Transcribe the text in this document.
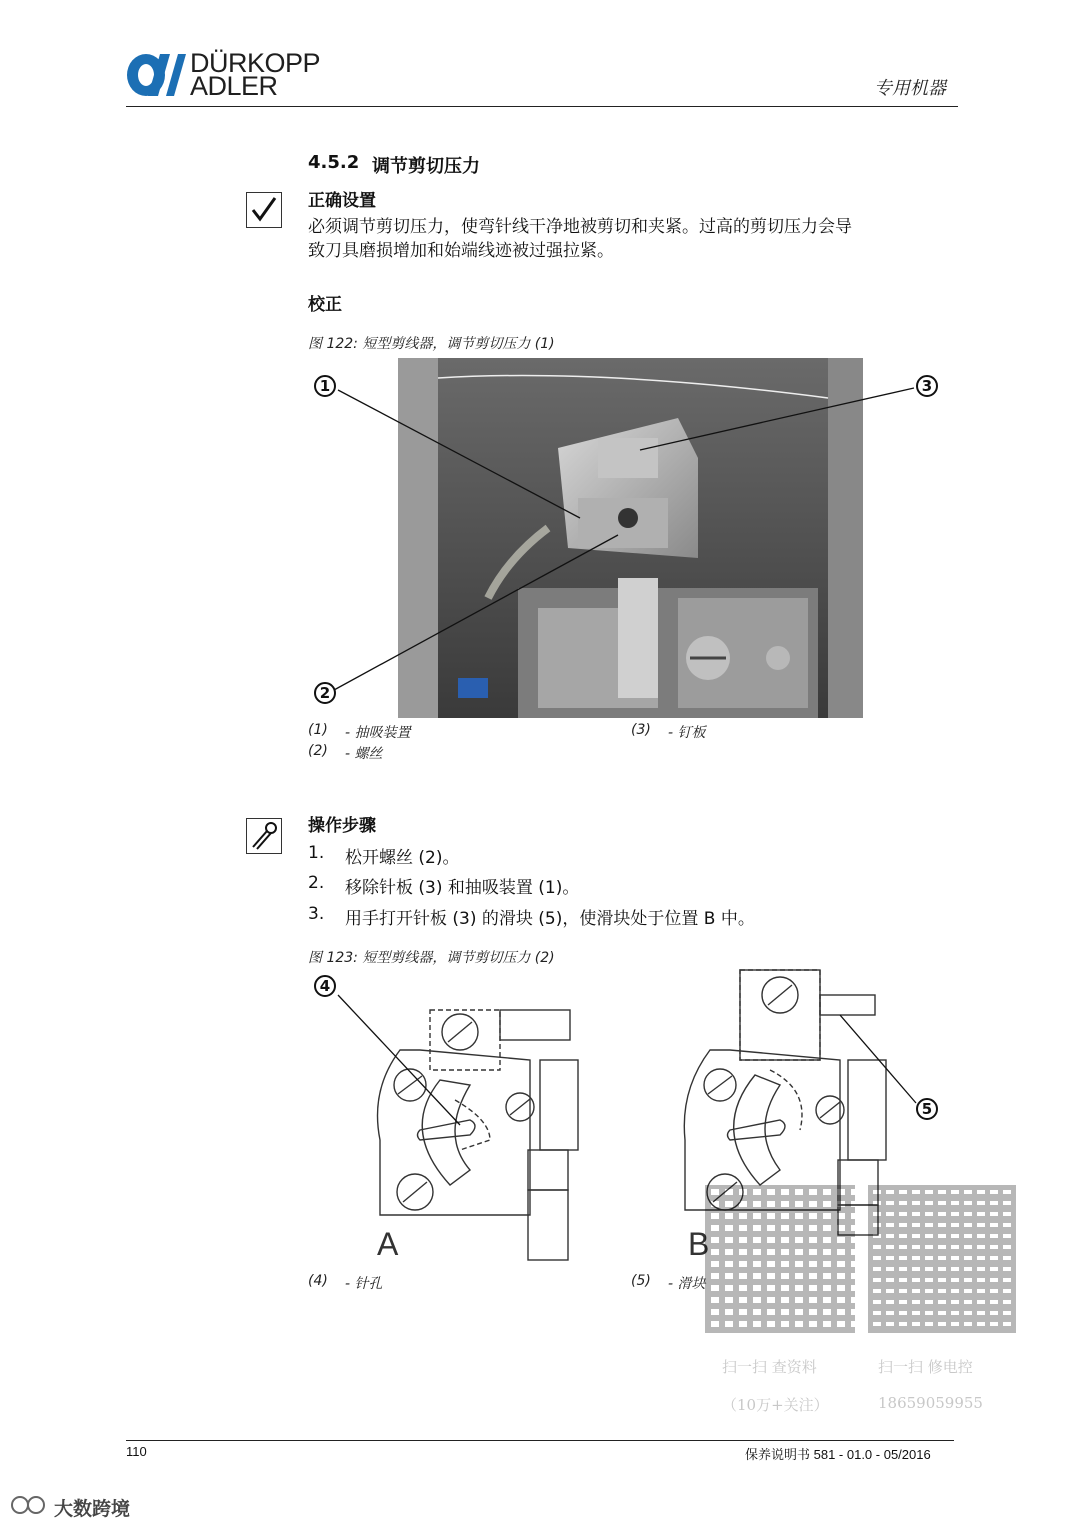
DÜRKOPP
ADLER	专用机器
4.5.2 调节剪切压力
正确设置
必须调节剪切压力，使弯针线干净地被剪切和夹紧。过高的剪切压力会导
致刀具磨损增加和始端线迹被过强拉紧。
校正
图 122: 短型剪线器，调节剪切压力 (1)
1
2
3
(1) - 抽吸装置
(2) - 螺丝
(3) - 钉板
操作步骤
1. 松开螺丝 (2)。
2. 移除针板 (3) 和抽吸装置 (1)。
3. 用手打开针板 (3) 的滑块 (5)，使滑块处于位置 B 中。
图 123: 短型剪线器，调节剪切压力 (2)
4
5
A	B
(4) - 针孔	(5) - 滑块
扫一扫 查资料
（10万+关注）
扫一扫 修电控
18659059955
110	保养说明书 581 - 01.0 - 05/2016
大数跨境
